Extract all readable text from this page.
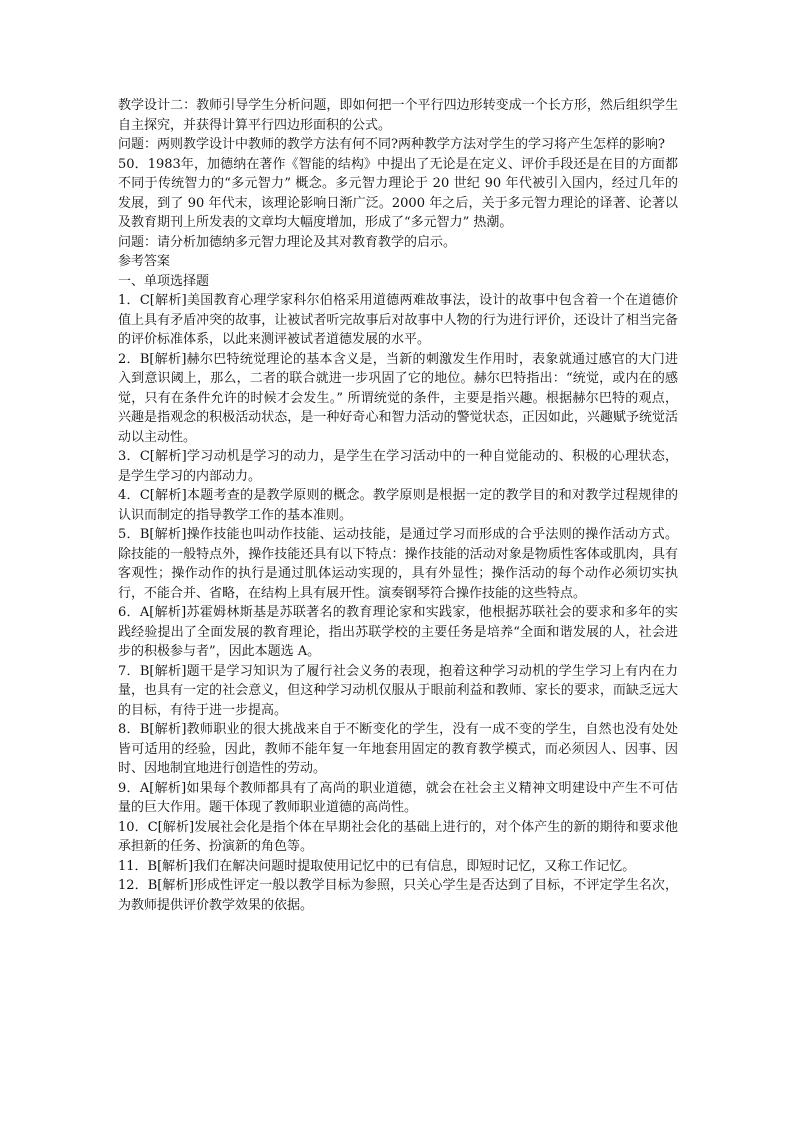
教学设计二：教师引导学生分析问题，即如何把一个平行四边形转变成一个长方形，然后组织学生自主探究，并获得计算平行四边形面积的公式。

问题：两则教学设计中教师的教学方法有何不同?两种教学方法对学生的学习将产生怎样的影响?

50．1983年，加德纳在著作《智能的结构》中提出了无论是在定义、评价手段还是在目的方面都不同于传统智力的“多元智力” 概念。多元智力理论于 20 世纪 90 年代被引入国内，经过几年的发展，到了 90 年代末，该理论影响日渐广泛。2000 年之后，关于多元智力理论的译著、论著以及教育期刊上所发表的文章均大幅度增加，形成了“多元智力” 热潮。

问题：请分析加德纳多元智力理论及其对教育教学的启示。

参考答案

一、单项选择题

1．C[解析]美国教育心理学家科尔伯格采用道德两难故事法，设计的故事中包含着一个在道德价值上具有矛盾冲突的故事，让被试者听完故事后对故事中人物的行为进行评价，还设计了相当完备的评价标准体系，以此来测评被试者道德发展的水平。

2．B[解析]赫尔巴特统觉理论的基本含义是，当新的刺激发生作用时，表象就通过感官的大门进入到意识阈上，那么，二者的联合就进一步巩固了它的地位。赫尔巴特指出：“统觉，或内在的感觉，只有在条件允许的时候才会发生。” 所谓统觉的条件，主要是指兴趣。根据赫尔巴特的观点，兴趣是指观念的积极活动状态，是一种好奇心和智力活动的警觉状态，正因如此，兴趣赋予统觉活动以主动性。

3．C[解析]学习动机是学习的动力，是学生在学习活动中的一种自觉能动的、积极的心理状态，是学生学习的内部动力。

4．C[解析]本题考查的是教学原则的概念。教学原则是根据一定的教学目的和对教学过程规律的认识而制定的指导教学工作的基本准则。

5．B[解析]操作技能也叫动作技能、运动技能，是通过学习而形成的合乎法则的操作活动方式。除技能的一般特点外，操作技能还具有以下特点：操作技能的活动对象是物质性客体或肌肉，具有客观性；操作动作的执行是通过肌体运动实现的，具有外显性；操作活动的每个动作必须切实执行，不能合并、省略，在结构上具有展开性。演奏钢琴符合操作技能的这些特点。

6．A[解析]苏霍姆林斯基是苏联著名的教育理论家和实践家，他根据苏联社会的要求和多年的实践经验提出了全面发展的教育理论，指出苏联学校的主要任务是培养“全面和谐发展的人，社会进步的积极参与者”，因此本题选 A。

7．B[解析]题干是学习知识为了履行社会义务的表现，抱着这种学习动机的学生学习上有内在力量，也具有一定的社会意义，但这种学习动机仅服从于眼前利益和教师、家长的要求，而缺乏远大的目标，有待于进一步提高。

8．B[解析]教师职业的很大挑战来自于不断变化的学生，没有一成不变的学生，自然也没有处处皆可适用的经验，因此，教师不能年复一年地套用固定的教育教学模式，而必须因人、因事、因时、因地制宜地进行创造性的劳动。

9．A[解析]如果每个教师都具有了高尚的职业道德，就会在社会主义精神文明建设中产生不可估量的巨大作用。题干体现了教师职业道德的高尚性。

10．C[解析]发展社会化是指个体在早期社会化的基础上进行的，对个体产生的新的期待和要求他承担新的任务、扮演新的角色等。

11．B[解析]我们在解决问题时提取使用记忆中的已有信息，即短时记忆，又称工作记忆。

12．B[解析]形成性评定一般以教学目标为参照，只关心学生是否达到了目标，不评定学生名次，为教师提供评价教学效果的依据。
